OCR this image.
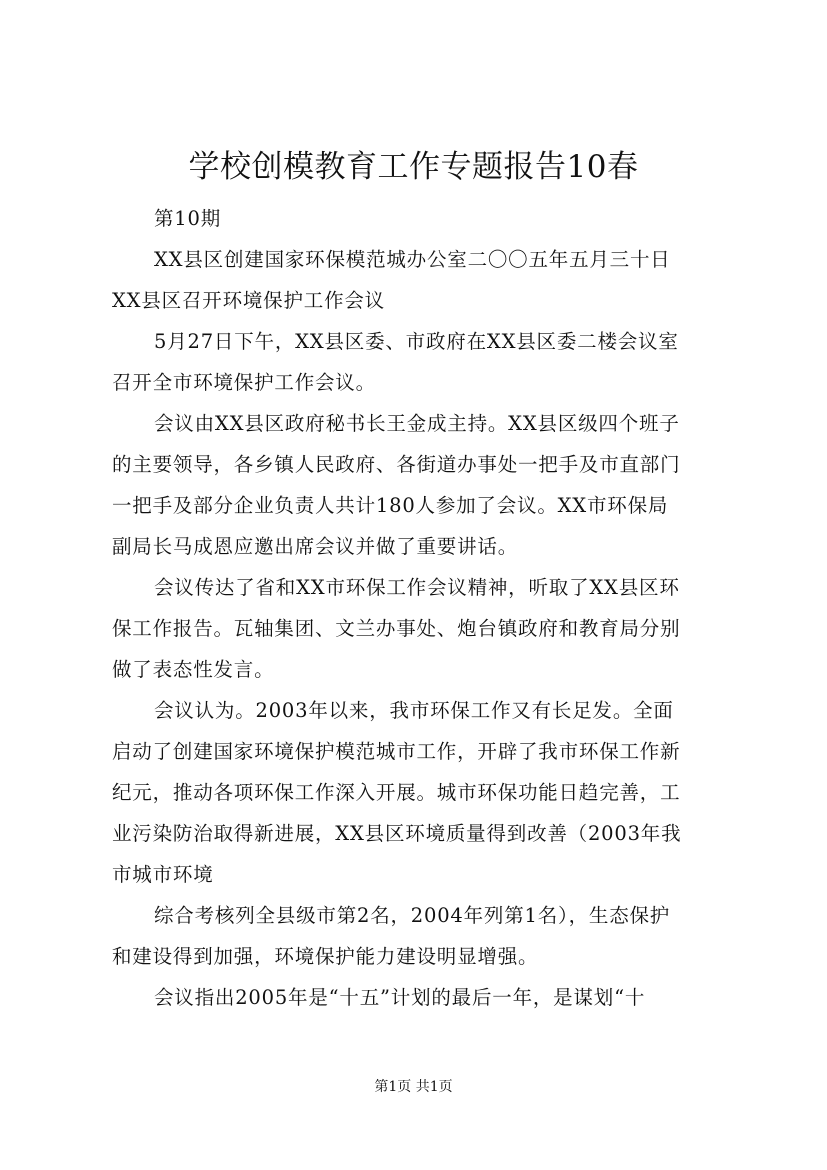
学校创模教育工作专题报告10春
第10期
XX县区创建国家环保模范城办公室二〇〇五年五月三十日
XX县区召开环境保护工作会议
5月27日下午，XX县区委、市政府在XX县区委二楼会议室
召开全市环境保护工作会议。
会议由XX县区政府秘书长王金成主持。XX县区级四个班子
的主要领导，各乡镇人民政府、各街道办事处一把手及市直部门
一把手及部分企业负责人共计180人参加了会议。XX市环保局
副局长马成恩应邀出席会议并做了重要讲话。
会议传达了省和XX市环保工作会议精神，听取了XX县区环
保工作报告。瓦轴集团、文兰办事处、炮台镇政府和教育局分别
做了表态性发言。
会议认为。2003年以来，我市环保工作又有长足发。全面
启动了创建国家环境保护模范城市工作，开辟了我市环保工作新
纪元，推动各项环保工作深入开展。城市环保功能日趋完善，工
业污染防治取得新进展，XX县区环境质量得到改善（2003年我
市城市环境
综合考核列全县级市第2名，2004年列第1名），生态保护
和建设得到加强，环境保护能力建设明显增强。
会议指出2005年是“十五”计划的最后一年，是谋划“十
第1页 共1页
